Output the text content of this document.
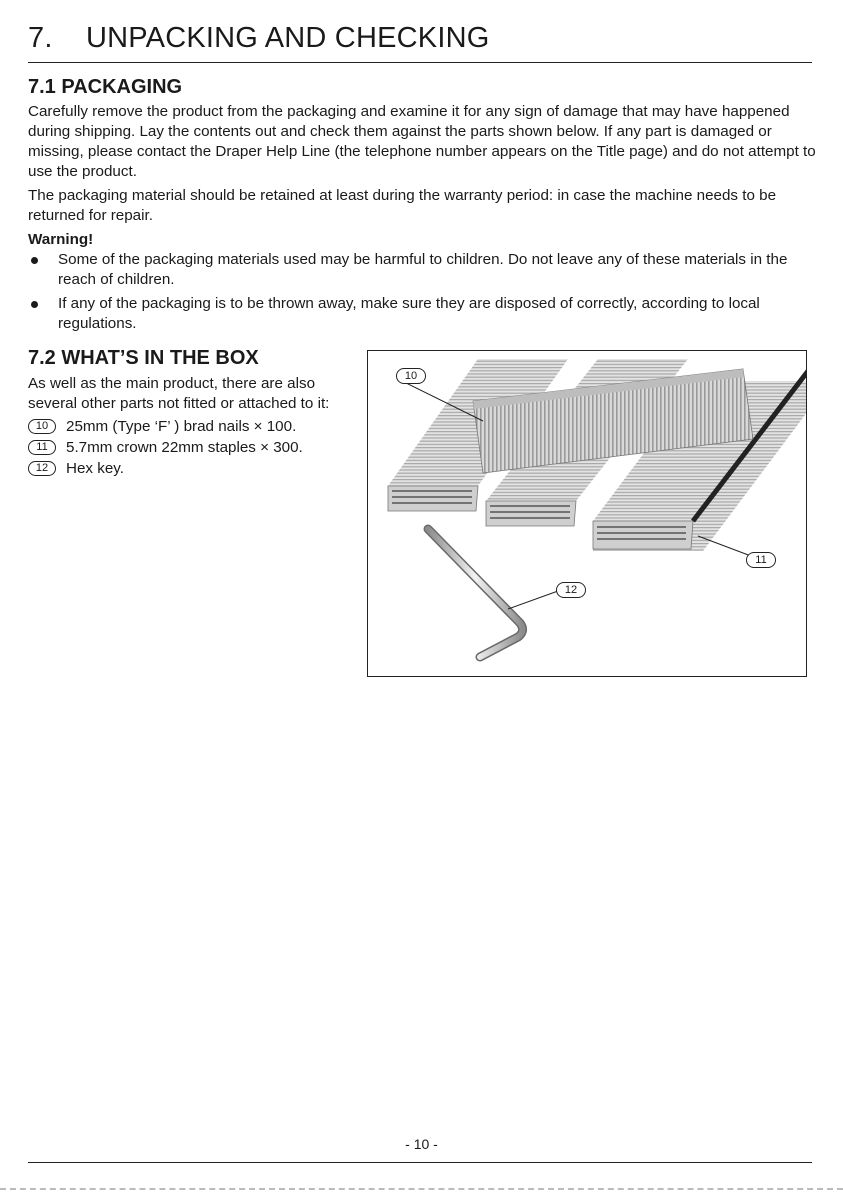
7. UNPACKING AND CHECKING
7.1 PACKAGING

Carefully remove the product from the packaging and examine it for any sign of damage that may have happened during shipping. Lay the contents out and check them against the parts shown below. If any part is damaged or missing, please contact the Draper Help Line (the telephone number appears on the Title page) and do not attempt to use the product.

The packaging material should be retained at least during the warranty period: in case the machine needs to be returned for repair.

Warning!

Some of the packaging materials used may be harmful to children. Do not leave any of these materials in the reach of children.
If any of the packaging is to be thrown away, make sure they are disposed of correctly, according to local regulations.
7.2 WHAT’S IN THE BOX

As well as the main product, there are also several other parts not fitted or attached to it:

10	25mm (Type ‘F’ ) brad nails × 100.
11	5.7mm crown 22mm staples × 300.
12	Hex key.
10
11
12
- 10 -
